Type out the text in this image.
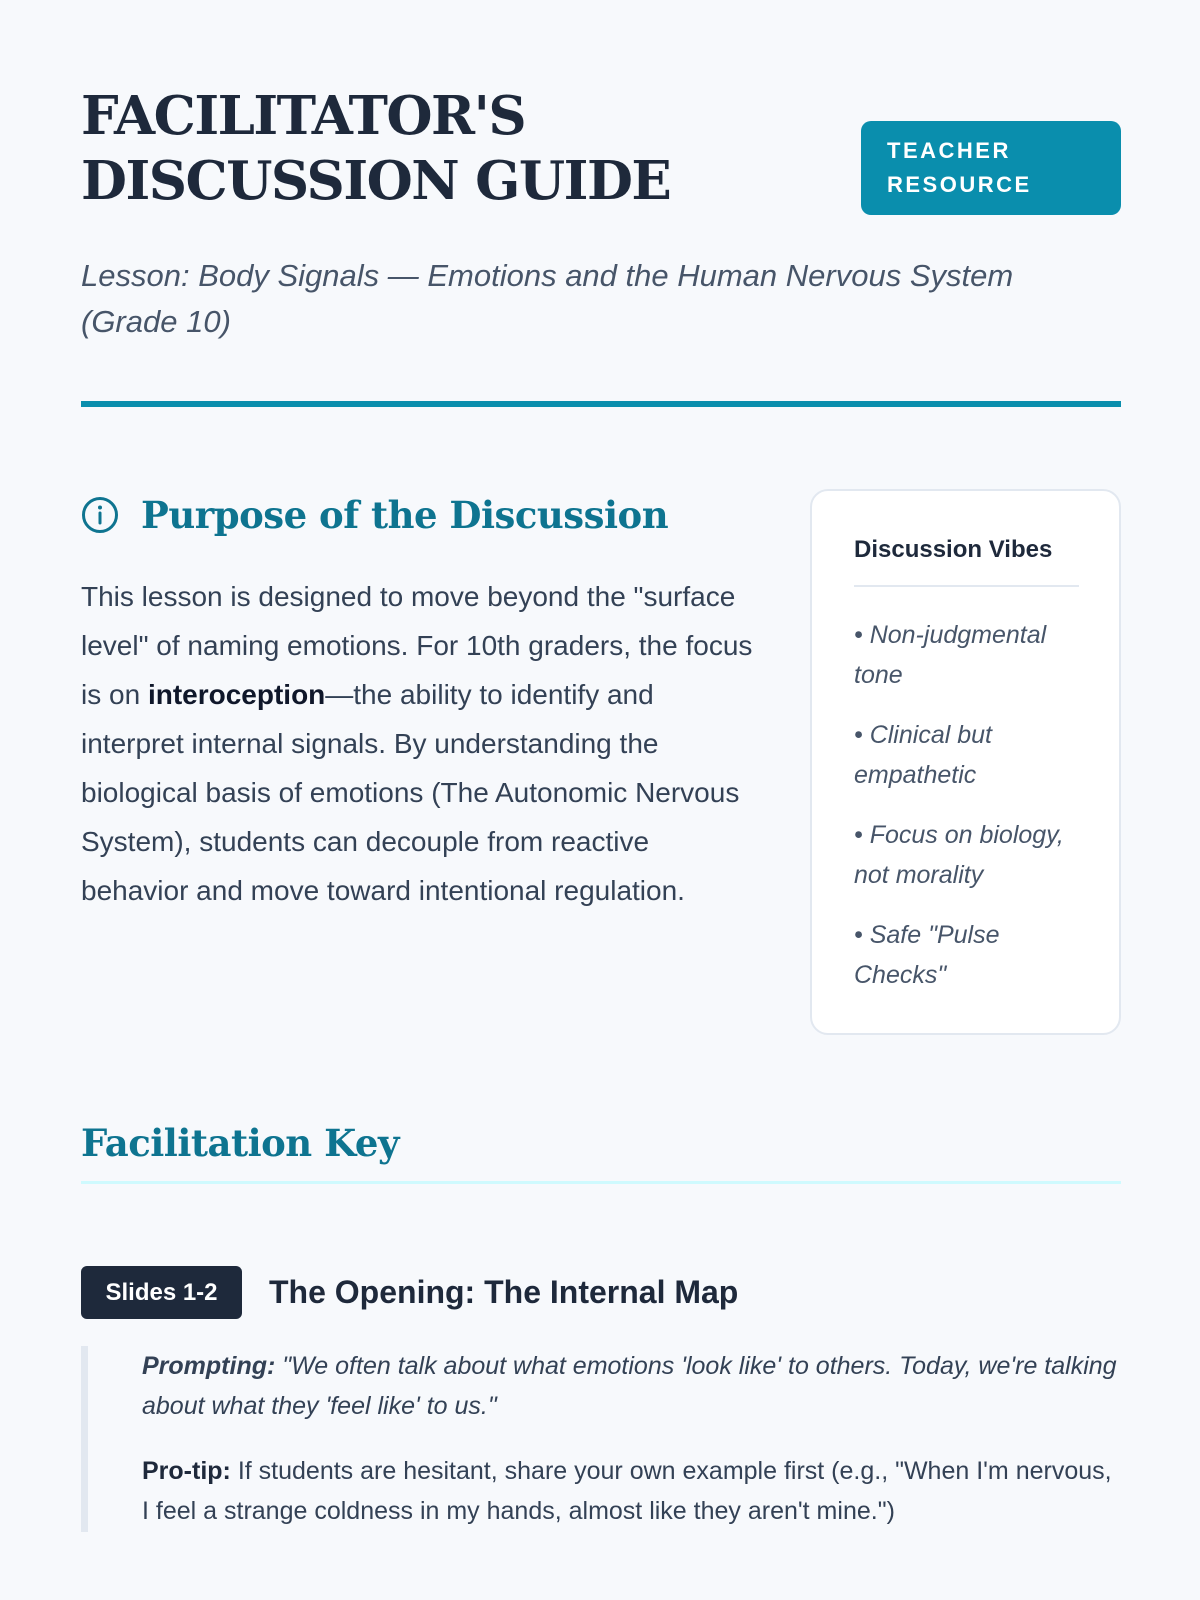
FACILITATOR'S
DISCUSSION GUIDE	TEACHER
RESOURCE

Lesson: Body Signals — Emotions and the Human Nervous System (Grade 10)

Purpose of the Discussion

This lesson is designed to move beyond the "surface level" of naming emotions. For 10th graders, the focus is on interoception—the ability to identify and interpret internal signals. By understanding the biological basis of emotions (The Autonomic Nervous System), students can decouple from reactive behavior and move toward intentional regulation.

Discussion Vibes
• Non-judgmental tone
• Clinical but empathetic
• Focus on biology, not morality
• Safe "Pulse Checks"
Facilitation Key
Slides 1-2	The Opening: The Internal Map

Prompting: "We often talk about what emotions 'look like' to others. Today, we're talking about what they 'feel like' to us."

Pro-tip: If students are hesitant, share your own example first (e.g., "When I'm nervous, I feel a strange coldness in my hands, almost like they aren't mine.")
